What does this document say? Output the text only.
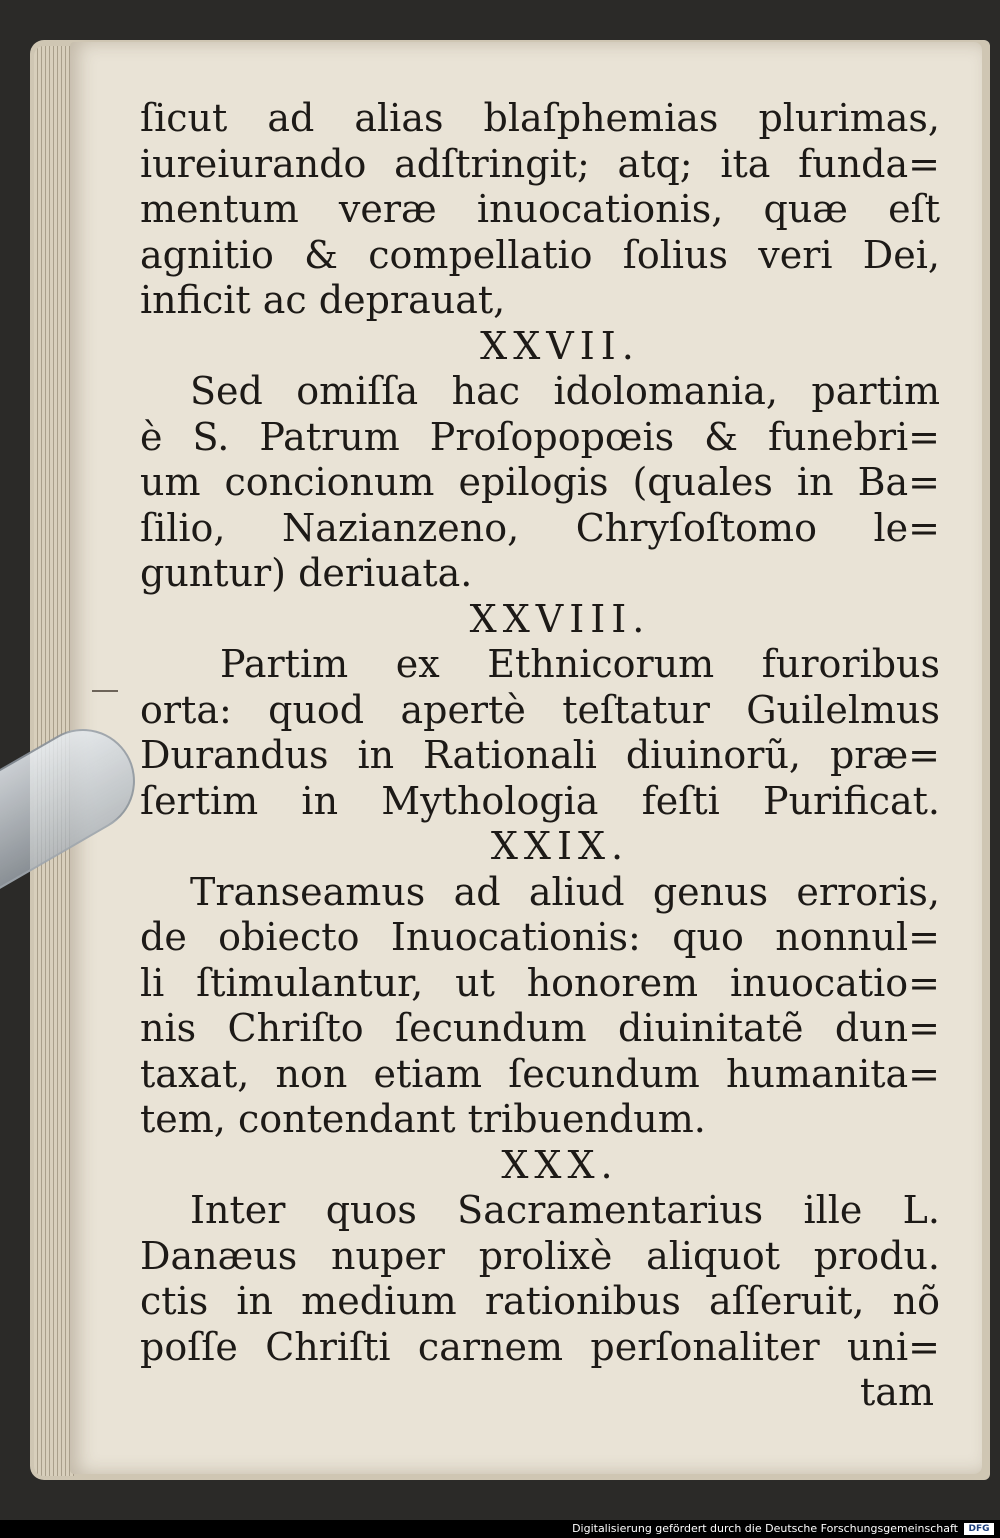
ſicut ad alias blaſphemias plurimas,
iureiurando adſtringit; atq; ita funda=
mentum veræ inuocationis, quæ eſt
agnitio & compellatio ſolius veri Dei,
inficit ac deprauat,
XXVII.
Sed omiſſa hac idolomania, partim
è S. Patrum Proſopopœis & funebri=
um concionum epilogis (quales in Ba=
ſilio, Nazianzeno, Chryſoſtomo le=
guntur) deriuata.
XXVIII.
Partim ex Ethnicorum furoribus
orta: quod apertè teſtatur Guilelmus
Durandus in Rationali diuinorũ, præ=
ſertim in Mythologia feſti Purificat.
XXIX.
Transeamus ad aliud genus erroris,
de obiecto Inuocationis: quo nonnul=
li ſtimulantur, ut honorem inuocatio=
nis Chriſto ſecundum diuinitatẽ dun=
taxat, non etiam ſecundum humanita=
tem, contendant tribuendum.
XXX.
Inter quos Sacramentarius ille L.
Danæus nuper prolixè aliquot produ.
ctis in medium rationibus aſſeruit, nõ
poſſe Chriſti carnem perſonaliter uni=
tam
Digitalisierung gefördert durch die Deutsche Forschungsgemeinschaft	DFG
